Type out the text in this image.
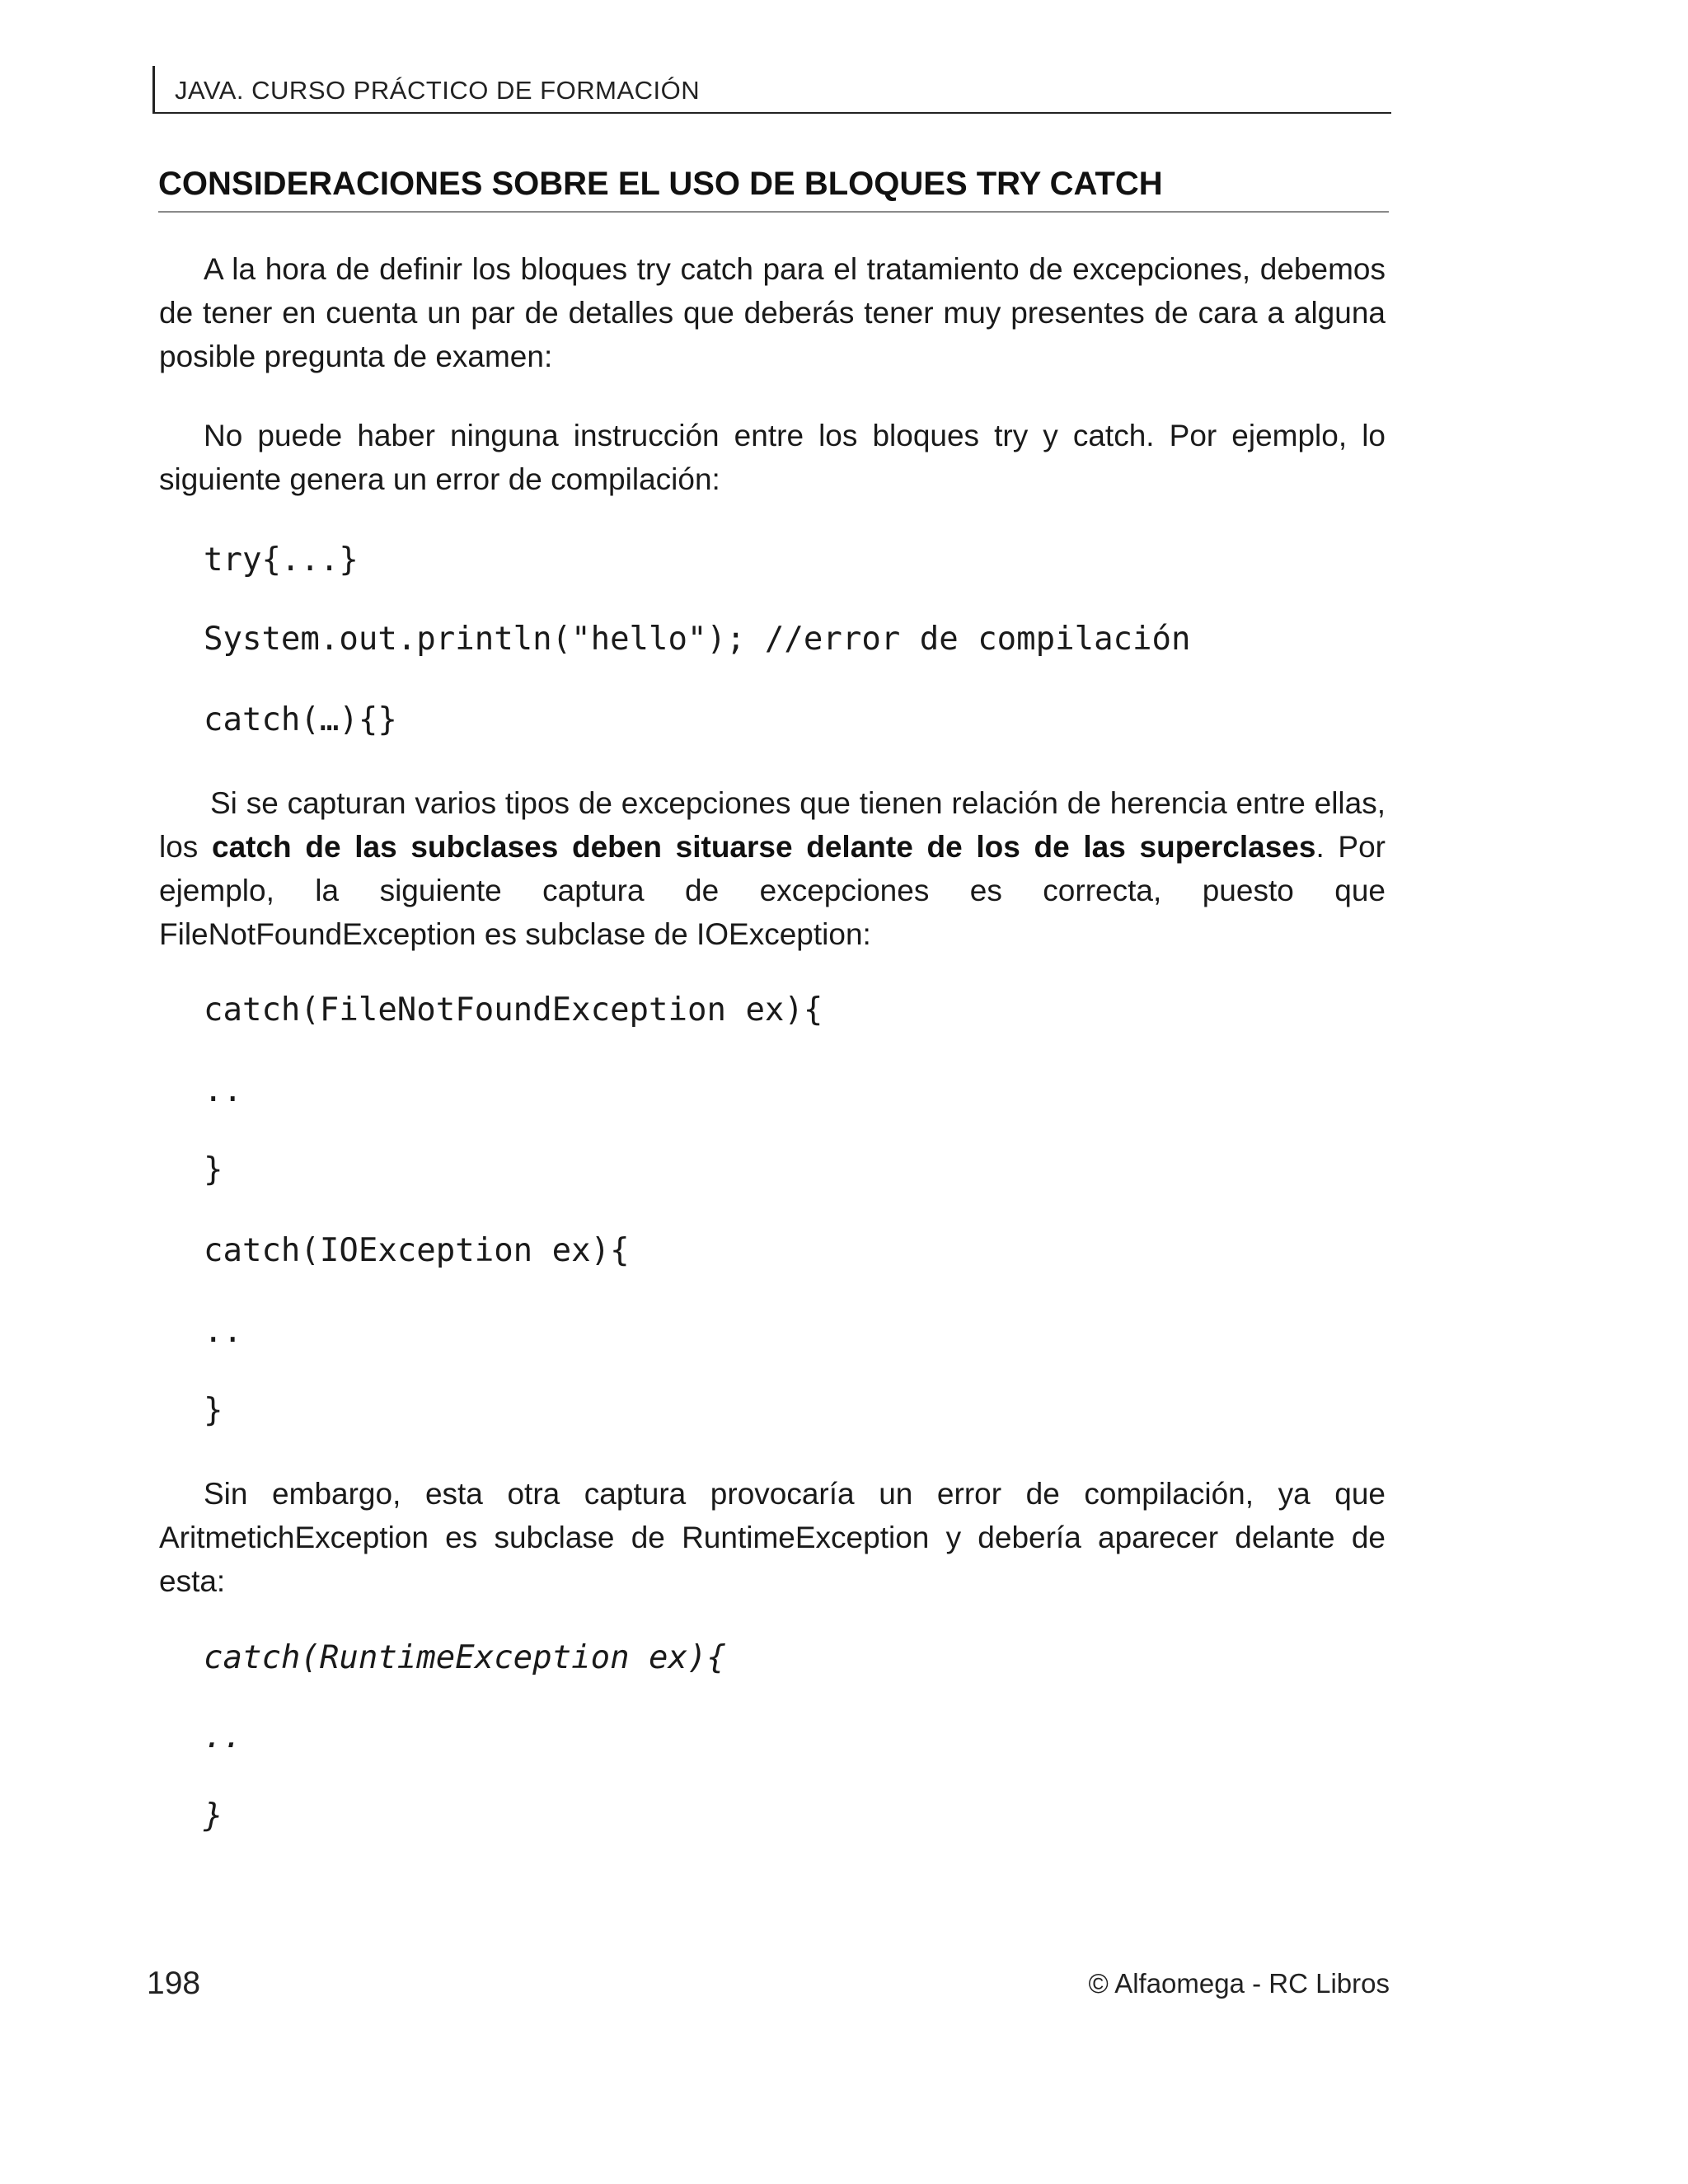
JAVA. CURSO PRÁCTICO DE FORMACIÓN
CONSIDERACIONES SOBRE EL USO DE BLOQUES TRY CATCH
A la hora de definir los bloques try catch para el tratamiento de excepciones, debemos de tener en cuenta un par de detalles que deberás tener muy presentes de cara a alguna posible pregunta de examen:
No puede haber ninguna instrucción entre los bloques try y catch. Por ejemplo, lo siguiente genera un error de compilación:
try{...}
System.out.println("hello"); //error de compilación
catch(…){}
Si se capturan varios tipos de excepciones que tienen relación de herencia entre ellas, los catch de las subclases deben situarse delante de los de las superclases. Por ejemplo, la siguiente captura de excepciones es correcta, puesto que FileNotFoundException es subclase de IOException:
catch(FileNotFoundException ex){
..
}
catch(IOException ex){
..
}
Sin embargo, esta otra captura provocaría un error de compilación, ya que AritmetichException es subclase de RuntimeException y debería aparecer delante de esta:
catch(RuntimeException ex){
..
}
198	© Alfaomega - RC Libros
